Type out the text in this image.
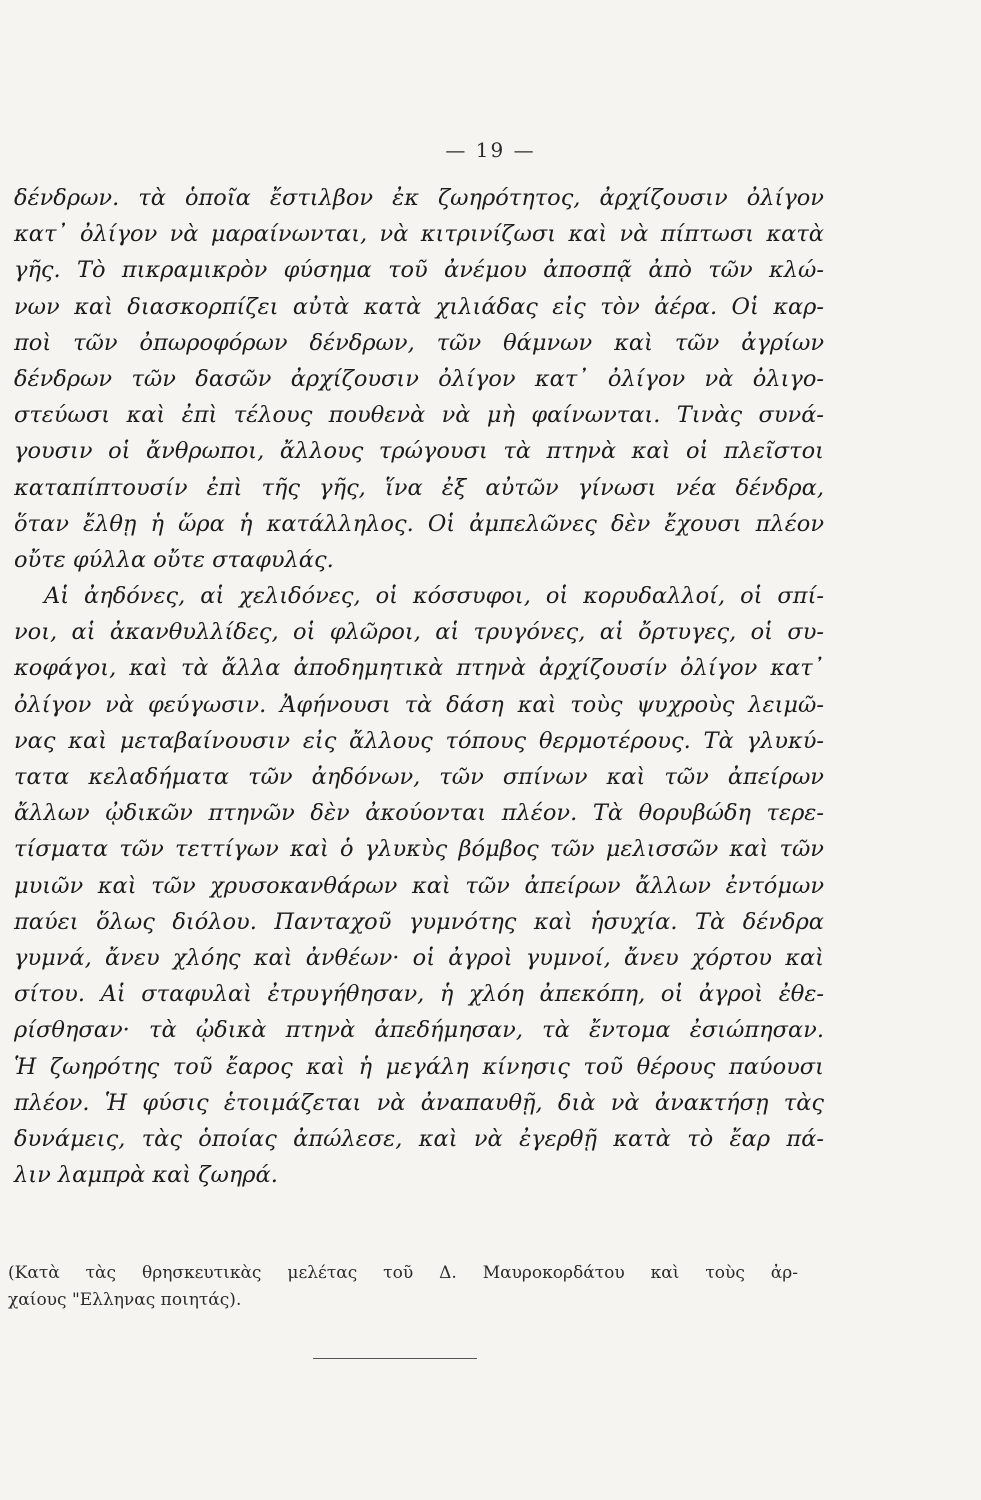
— 19 —
δένδρων. τὰ ὁποῖα ἔστιλβον ἐκ ζωηρότητος, ἀρχίζουσιν ὀλίγον
κατ᾽ ὀλίγον νὰ μαραίνωνται, νὰ κιτρινίζωσι καὶ νὰ πίπτωσι κατὰ
γῆς. Τὸ πικραμικρὸν φύσημα τοῦ ἀνέμου ἀποσπᾷ ἀπὸ τῶν κλώ-
νων καὶ διασκορπίζει αὐτὰ κατὰ χιλιάδας εἰς τὸν ἀέρα. Οἱ καρ-
ποὶ τῶν ὀπωροφόρων δένδρων, τῶν θάμνων καὶ τῶν ἀγρίων
δένδρων τῶν δασῶν ἀρχίζουσιν ὀλίγον κατ᾽ ὀλίγον νὰ ὀλιγο-
στεύωσι καὶ ἐπὶ τέλους πουθενὰ νὰ μὴ φαίνωνται. Τινὰς συνά-
γουσιν οἱ ἄνθρωποι, ἄλλους τρώγουσι τὰ πτηνὰ καὶ οἱ πλεῖστοι
καταπίπτουσίν ἐπὶ τῆς γῆς, ἵνα ἐξ αὐτῶν γίνωσι νέα δένδρα,
ὅταν ἔλθῃ ἡ ὥρα ἡ κατάλληλος. Οἱ ἀμπελῶνες δὲν ἔχουσι πλέον
οὔτε φύλλα οὔτε σταφυλάς.
Αἱ ἀηδόνες, αἱ χελιδόνες, οἱ κόσσυφοι, οἱ κορυδαλλοί, οἱ σπί-
νοι, αἱ ἀκανθυλλίδες, οἱ φλῶροι, αἱ τρυγόνες, αἱ ὄρτυγες, οἱ συ-
κοφάγοι, καὶ τὰ ἄλλα ἀποδημητικὰ πτηνὰ ἀρχίζουσίν ὀλίγον κατ᾽
ὀλίγον νὰ φεύγωσιν. Ἀφήνουσι τὰ δάση καὶ τοὺς ψυχροὺς λειμῶ-
νας καὶ μεταβαίνουσιν εἰς ἄλλους τόπους θερμοτέρους. Τὰ γλυκύ-
τατα κελαδήματα τῶν ἀηδόνων, τῶν σπίνων καὶ τῶν ἀπείρων
ἄλλων ᾠδικῶν πτηνῶν δὲν ἀκούονται πλέον. Τὰ θορυβώδη τερε-
τίσματα τῶν τεττίγων καὶ ὁ γλυκὺς βόμβος τῶν μελισσῶν καὶ τῶν
μυιῶν καὶ τῶν χρυσοκανθάρων καὶ τῶν ἀπείρων ἄλλων ἐντόμων
παύει ὅλως διόλου. Πανταχοῦ γυμνότης καὶ ἡσυχία. Τὰ δένδρα
γυμνά, ἄνευ χλόης καὶ ἀνθέων· οἱ ἀγροὶ γυμνοί, ἄνευ χόρτου καὶ
σίτου. Αἱ σταφυλαὶ ἐτρυγήθησαν, ἡ χλόη ἀπεκόπη, οἱ ἀγροὶ ἐθε-
ρίσθησαν· τὰ ᾠδικὰ πτηνὰ ἀπεδήμησαν, τὰ ἔντομα ἐσιώπησαν.
Ἡ ζωηρότης τοῦ ἔαρος καὶ ἡ μεγάλη κίνησις τοῦ θέρους παύουσι
πλέον. Ἡ φύσις ἑτοιμάζεται νὰ ἀναπαυθῇ, διὰ νὰ ἀνακτήσῃ τὰς
δυνάμεις, τὰς ὁποίας ἀπώλεσε, καὶ νὰ ἐγερθῇ κατὰ τὸ ἔαρ πά-
λιν λαμπρὰ καὶ ζωηρά.
(Κατὰ τὰς θρησκευτικὰς μελέτας τοῦ Δ. Μαυροκορδάτου καὶ τοὺς ἀρ-
χαίους "Ελληνας ποιητάς).
